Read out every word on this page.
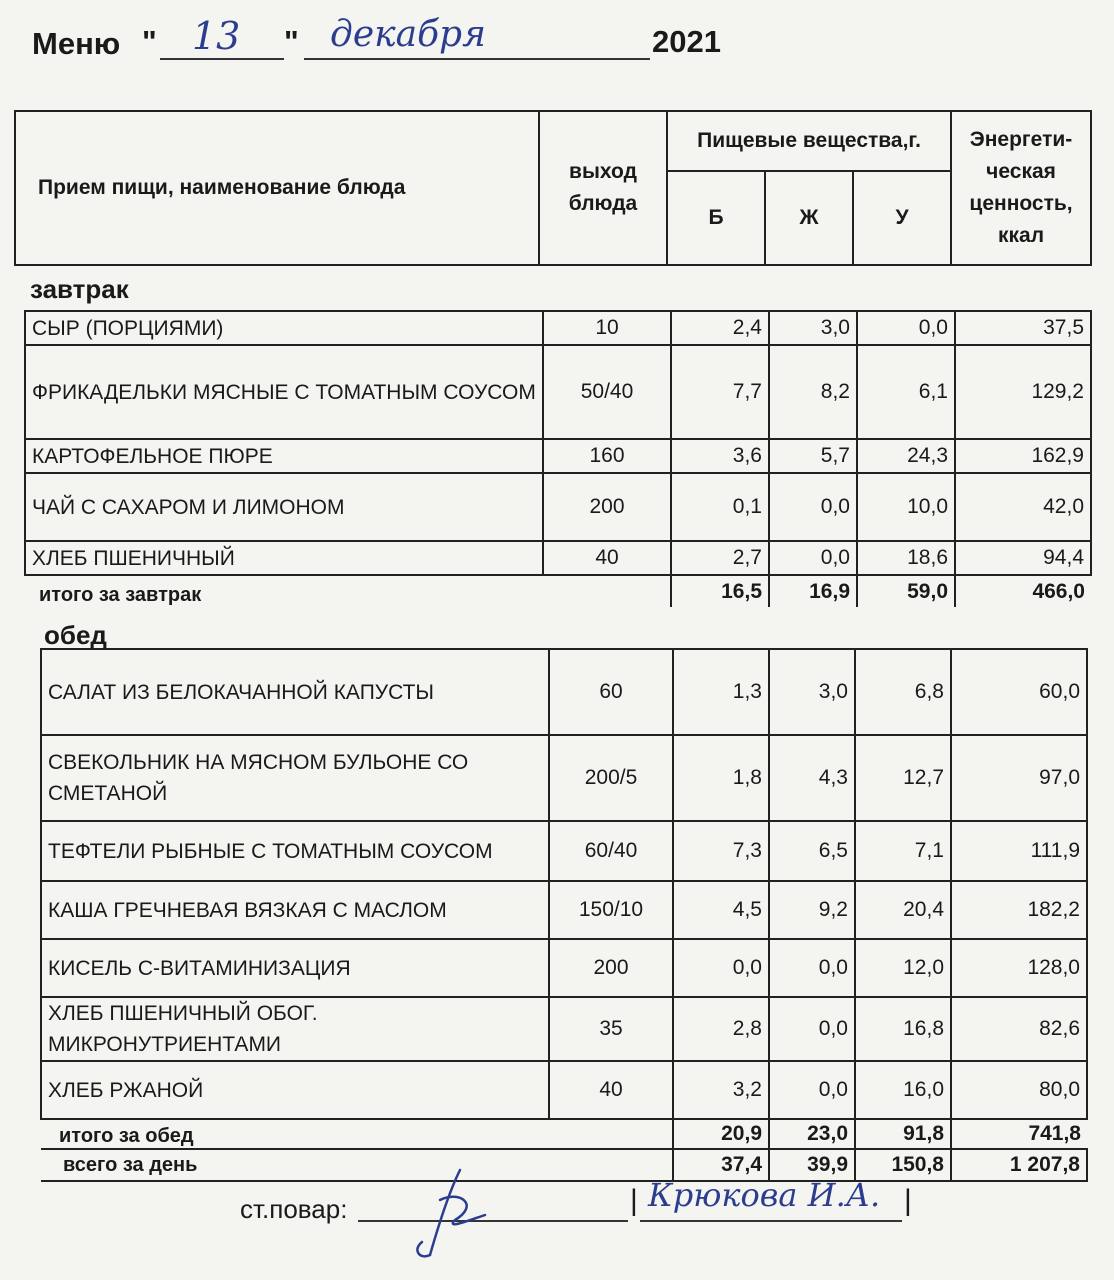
Меню " 13 " декабря	2021
Прием пищи, наименование блюда	выход блюда	Пищевые вещества,г.			Энергети-ческая ценность, ккал
		Б	Ж	У	
завтрак
СЫР (ПОРЦИЯМИ)	10	2,4	3,0	0,0	37,5
ФРИКАДЕЛЬКИ МЯСНЫЕ С ТОМАТНЫМ СОУСОМ	50/40	7,7	8,2	6,1	129,2
КАРТОФЕЛЬНОЕ ПЮРЕ	160	3,6	5,7	24,3	162,9
ЧАЙ С САХАРОМ И ЛИМОНОМ	200	0,1	0,0	10,0	42,0
ХЛЕБ ПШЕНИЧНЫЙ	40	2,7	0,0	18,6	94,4
итого за завтрак		16,5	16,9	59,0	466,0
обед
САЛАТ ИЗ БЕЛОКАЧАННОЙ КАПУСТЫ	60	1,3	3,0	6,8	60,0
СВЕКОЛЬНИК НА МЯСНОМ БУЛЬОНЕ СО СМЕТАНОЙ	200/5	1,8	4,3	12,7	97,0
ТЕФТЕЛИ РЫБНЫЕ С ТОМАТНЫМ СОУСОМ	60/40	7,3	6,5	7,1	111,9
КАША ГРЕЧНЕВАЯ ВЯЗКАЯ С МАСЛОМ	150/10	4,5	9,2	20,4	182,2
КИСЕЛЬ С-ВИТАМИНИЗАЦИЯ	200	0,0	0,0	12,0	128,0
ХЛЕБ ПШЕНИЧНЫЙ ОБОГ. МИКРОНУТРИЕНТАМИ	35	2,8	0,0	16,8	82,6
ХЛЕБ РЖАНОЙ	40	3,2	0,0	16,0	80,0
итого за обед		20,9	23,0	91,8	741,8
всего за день		37,4	39,9	150,8	1 207,8
ст.повар:	| Крюкова И.А. |
